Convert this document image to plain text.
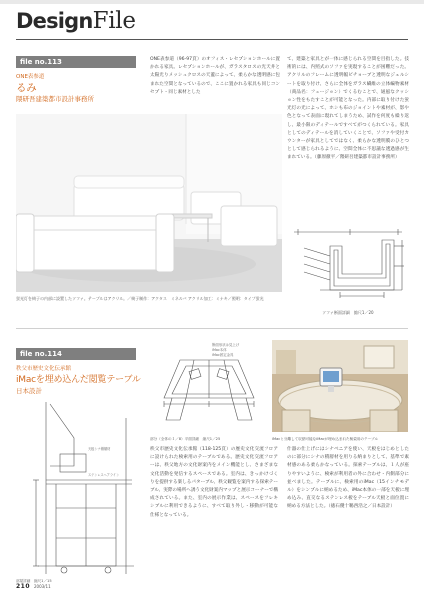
DesignFile
file no.113
ONE表参道
るみ
隈研吾建築都市設計事務所
ONE表参道（96-97頁）のオフィス・レセプションホールに置かれる家具。レセプションホールが、ガラスタロスの光天井と太陽光りメッシュクロスの天蓋によって、柔らかな透明感に包まれた空間となっているので、ここに置かれる家具も同じコンセプト・同じ素材とした
て、建築と家具とが一体に感じられる空間を目指した。技術的には、内照式のソファを実現することが困難だった。アクリルのフレームに透明幅ビチョーブと透明なジェルシートを取り付け、さらに全体をガラス繊維の立体編物素材（商品名：フュージョン）でくるむことで、通風なクッション性をもたすことが可能となった。内部に取り付けた蛍光灯の光によって、ホシも布のジョイントや素材が、影や色となって表面に現れてしまうため、試作を何度も繰り返し、最小限のディテールですべてがつくられている。家具としてのディテールを消していくことで、ソファや受付カウンターが家具としてではなく、柔らかな透明膜のひとつとして感じられるように、空間全体に不思議な透過感が生まれている。（藤原徹平／隈研吾建築都市設計事務所）
蛍光灯を椅子の内部に設置したソファ。テーブルはアクリル。／椅子制作：アクタス　ミネルバ アクリル加工：ミナキ／照明：タイプ蛍光
ソファ断面詳細　縮尺1／20
file no.114
秩父市歴史文化伝承館
iMacを埋め込んだ閲覧テーブル
日本設計
断面形状は見上げ
iMac本体
iMac固定金具
部分（全体の１／8）平面詳細　縮尺1／25	iMacと分離して収納可能なiMacが埋め込まれた検索用のテーブル
天板シナ積層材
ステンレスヘアライン
部屋詳細　縮尺1／15
秩父市歴史文化伝承館（118-125頁）の歴史文化交流フロアに設けられた検索用のテーブルである。歴史文化交流フロアーは、秩父地方の文化財案内をメイン機能とし、さまざまな文化活動を発信するスペースである。室内は、きっかけづくりを提供する楽しるパターブル、秩父観覧を案内する探索テーブル、実際の場所へ誘う文化財案内マップと展示コーナーで構成されている。また、室内の展示作業は、スペースをフレキシブルに利用できるように、すべて取り外し・移動が可能な仕様となっている。
什器の仕上げにはシナベニアを使い、天板をはじめとしたのに部分にシナの積層材を用りる納まりとして、基準で素材感のある柔らかなっている。探索テーブルは、１人が座りやすいように、検索が利用者の外に合わせ・内側部分に並べました。テーブルに、検索用のiMac（15インチモデル）をシンプルに納めるため、iMac本体の一部を天板に埋め込み、直交なるステンレス板をテーブル天板と面位置に納める方法とした。（徳石優十鵜西浩之／日本設計）
210 2003/11
